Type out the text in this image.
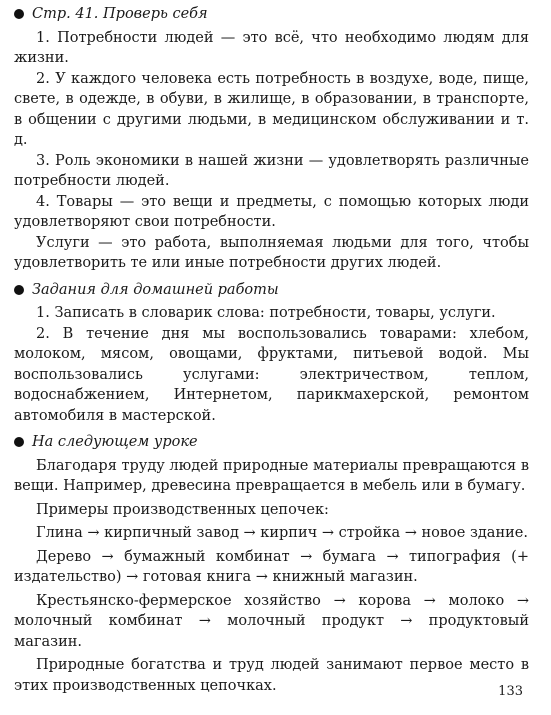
Стр. 41. Проверь себя

1. Потребности людей — это всё, что необходимо людям для жизни.

2. У каждого человека есть потребность в воздухе, воде, пище, свете, в одежде, в обуви, в жилище, в образовании, в транспорте, в общении с другими людьми, в медицинском обслуживании и т. д.

3. Роль экономики в нашей жизни — удовлетворять различные потребности людей.

4. Товары — это вещи и предметы, с помощью которых люди удовлетворяют свои потребности.

Услуги — это работа, выполняемая людьми для того, чтобы удовлетворить те или иные потребности других людей.

Задания для домашней работы

1. Записать в словарик слова: потребности, товары, услуги.

2. В течение дня мы воспользовались товарами: хлебом, молоком, мясом, овощами, фруктами, питьевой водой. Мы воспользовались услугами: электричеством, теплом, водоснабжением, Интернетом, парикмахерской, ремонтом автомобиля в мастерской.

На следующем уроке

Благодаря труду людей природные материалы превращаются в вещи. Например, древесина превращается в мебель или в бумагу.

Примеры производственных цепочек:

Глина → кирпичный завод → кирпич → стройка → новое здание.

Дерево → бумажный комбинат → бумага → типография (+ издательство) → готовая книга → книжный магазин.

Крестьянско-фермерское хозяйство → корова → молоко → молочный комбинат → молочный продукт → продуктовый магазин.

Природные богатства и труд людей занимают первое место в этих производственных цепочках.	133
